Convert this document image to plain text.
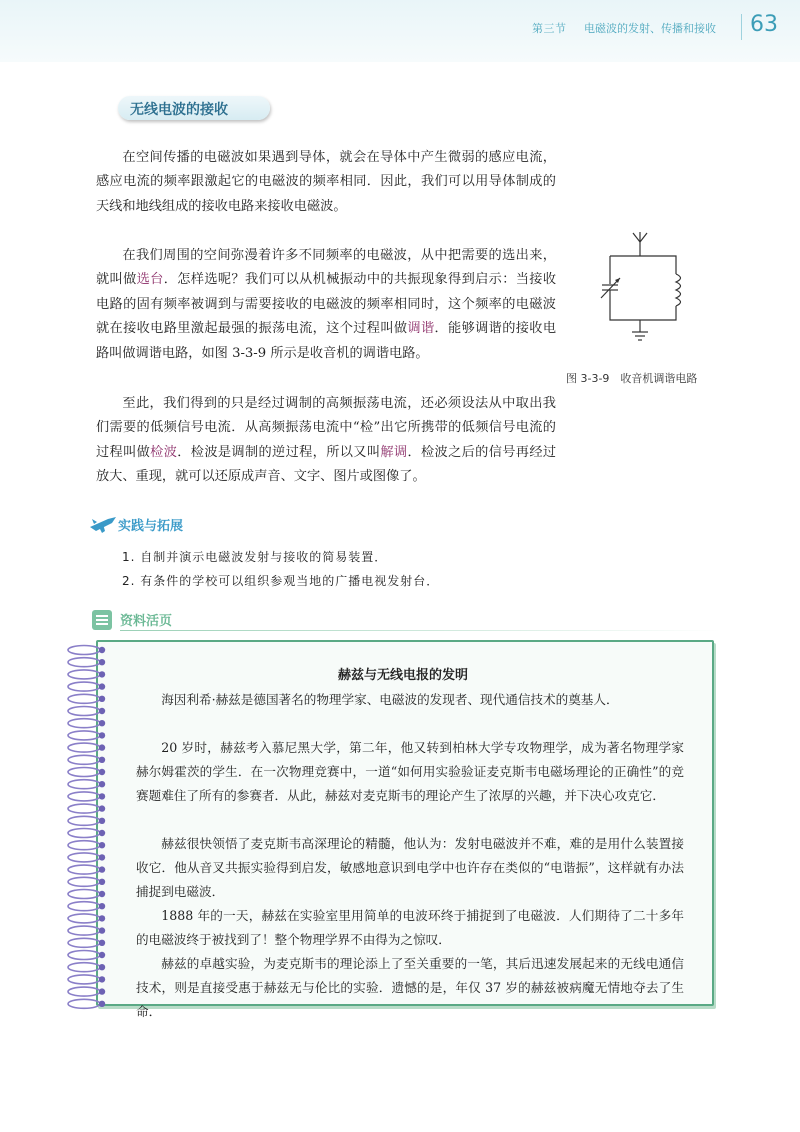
第三节 电磁波的发射、传播和接收 63
无线电波的接收
在空间传播的电磁波如果遇到导体，就会在导体中产生微弱的感应电流，感应电流的频率跟激起它的电磁波的频率相同．因此，我们可以用导体制成的天线和地线组成的接收电路来接收电磁波。
在我们周围的空间弥漫着许多不同频率的电磁波，从中把需要的选出来，就叫做选台．怎样选呢？我们可以从机械振动中的共振现象得到启示：当接收电路的固有频率被调到与需要接收的电磁波的频率相同时，这个频率的电磁波就在接收电路里激起最强的振荡电流，这个过程叫做调谐．能够调谐的接收电路叫做调谐电路，如图 3-3-9 所示是收音机的调谐电路。
至此，我们得到的只是经过调制的高频振荡电流，还必须设法从中取出我们需要的低频信号电流．从高频振荡电流中“检”出它所携带的低频信号电流的过程叫做检波．检波是调制的逆过程，所以又叫解调．检波之后的信号再经过放大、重现，就可以还原成声音、文字、图片或图像了。
图 3-3-9　收音机调谐电路
实践与拓展
1. 自制并演示电磁波发射与接收的简易装置．
2. 有条件的学校可以组织参观当地的广播电视发射台．
资料活页
赫兹与无线电报的发明
海因利希·赫兹是德国著名的物理学家、电磁波的发现者、现代通信技术的奠基人．
20 岁时，赫兹考入慕尼黑大学，第二年，他又转到柏林大学专攻物理学，成为著名物理学家赫尔姆霍茨的学生．在一次物理竞赛中，一道“如何用实验验证麦克斯韦电磁场理论的正确性”的竞赛题难住了所有的参赛者．从此，赫兹对麦克斯韦的理论产生了浓厚的兴趣，并下决心攻克它．
赫兹很快领悟了麦克斯韦高深理论的精髓，他认为：发射电磁波并不难，难的是用什么装置接收它．他从音叉共振实验得到启发，敏感地意识到电学中也许存在类似的“电谐振”，这样就有办法捕捉到电磁波．
1888 年的一天，赫兹在实验室里用简单的电波环终于捕捉到了电磁波．人们期待了二十多年的电磁波终于被找到了！整个物理学界不由得为之惊叹．
赫兹的卓越实验，为麦克斯韦的理论添上了至关重要的一笔，其后迅速发展起来的无线电通信技术，则是直接受惠于赫兹无与伦比的实验．遗憾的是，年仅 37 岁的赫兹被病魔无情地夺去了生命．
